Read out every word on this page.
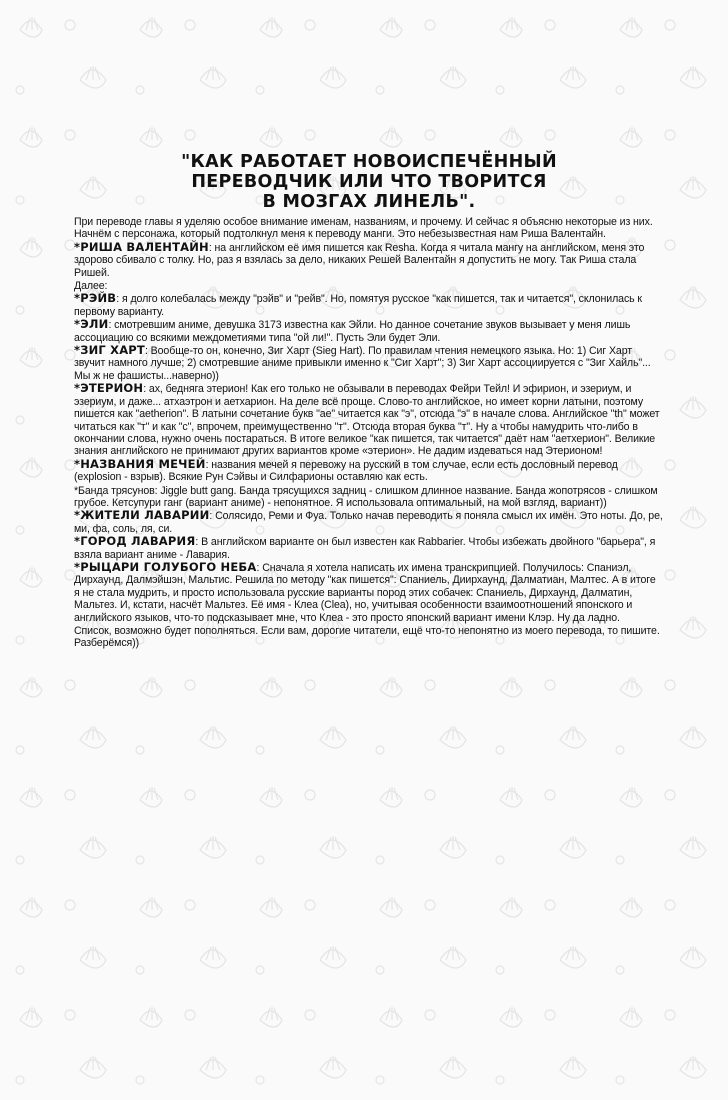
"КАК РАБОТАЕТ НОВОИСПЕЧЁННЫЙ
ПЕРЕВОДЧИК ИЛИ ЧТО ТВОРИТСЯ
В МОЗГАХ ЛИНЕЛЬ".

При переводе главы я уделяю особое внимание именам, названиям, и прочему. И сейчас я объясню некоторые из них. Начнём с персонажа, который подтолкнул меня к переводу манги. Это небезызвестная нам Риша Валентайн.

*РИША ВАЛЕНТАЙН: на английском её имя пишется как Resha. Когда я читала мангу на английском, меня это здорово сбивало с толку. Но, раз я взялась за дело, никаких Решей Валентайн я допустить не могу. Так Риша стала Ришей.

Далее:

*РЭЙВ: я долго колебалась между "рэйв" и "рейв". Но, помятуя русское "как пишется, так и читается", склонилась к первому варианту.

*ЭЛИ: смотревшим аниме, девушка 3173 известна как Эйли. Но данное сочетание звуков вызывает у меня лишь ассоциацию со всякими междометиями типа "ой ли!". Пусть Эли будет Эли.

*ЗИГ ХАРТ: Вообще-то он, конечно, Зиг Харт (Sieg Hart). По правилам чтения немецкого языка. Но: 1) Сиг Харт звучит намного лучше; 2) смотревшие аниме привыкли именно к "Сиг Харт"; 3) Зиг Харт ассоциируется с "Зиг Хайль"... Мы ж не фашисты...наверно))

*ЭТЕРИОН: ах, бедняга этерион! Как его только не обзывали в переводах Фейри Тейл! И эфирион, и эзериум, и эзериум, и даже... атхаэтрон и аетхарион. На деле всё проще. Слово-то английское, но имеет корни латыни, поэтому пишется как "aetherion". В латыни сочетание букв "ae" читается как "э", отсюда "э" в начале слова. Английское "th" может читаться как "т" и как "с", впрочем, преимущественно "т". Отсюда вторая буква "т". Ну а чтобы намудрить что-либо в окончании слова, нужно очень постараться. В итоге великое "как пишется, так читается" даёт нам "аетхерион". Великие знания английского не принимают других вариантов кроме «этерион». Не дадим издеваться над Этерионом!

*НАЗВАНИЯ МЕЧЕЙ: названия мечей я перевожу на русский в том случае, если есть дословный перевод (explosion - взрыв). Всякие Рун Сэйвы и Силфарионы оставляю как есть.

*Банда трясунов: Jiggle butt gang. Банда трясущихся задниц - слишком длинное название. Банда жопотрясов - слишком грубое. Кетсупури ганг (вариант аниме) - непонятное. Я использовала оптимальный, на мой взгляд, вариант))

*ЖИТЕЛИ ЛАВАРИИ: Солясидо, Реми и Фуа. Только начав переводить я поняла смысл их имён. Это ноты. До, ре, ми, фа, соль, ля, си.

*ГОРОД ЛАВАРИЯ: В английском варианте он был известен как Rabbarier. Чтобы избежать двойного "барьера", я взяла вариант аниме - Лавария.

*РЫЦАРИ ГОЛУБОГО НЕБА: Сначала я хотела написать их имена транскрипцией. Получилось: Спаниэл, Дирхаунд, Далмэйшэн, Мальтис. Решила по методу "как пишется": Спаниель, Диирхаунд, Далматиан, Малтес. А в итоге я не стала мудрить, и просто использовала русские варианты пород этих собачек: Спаниель, Дирхаунд, Далматин, Мальтез. И, кстати, насчёт Мальтез. Её имя - Клеа (Clea), но, учитывая особенности взаимоотношений японского и английского языков, что-то подсказывает мне, что Клеа - это просто японский вариант имени Клэр. Ну да ладно.

Список, возможно будет пополняться. Если вам, дорогие читатели, ещё что-то непонятно из моего перевода, то пишите. Разберёмся))
